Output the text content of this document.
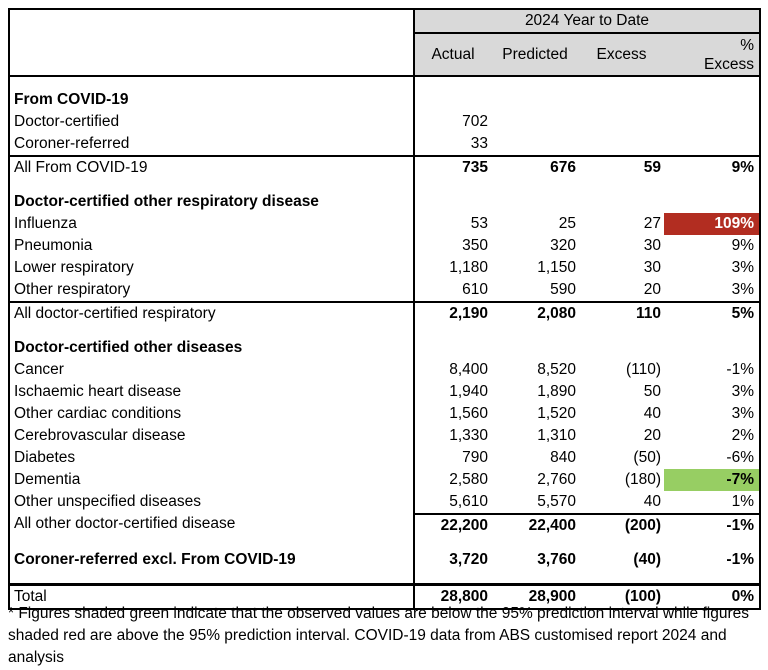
2024 Year to Date
Actual	Predicted	Excess
% Excess
From COVID-19
Doctor-certified	702
Coroner-referred	33
All From COVID-19	735	676	59	9%
Doctor-certified other respiratory disease
Influenza	53	25	27	109%
Pneumonia	350	320	30	9%
Lower respiratory	1,180	1,150	30	3%
Other respiratory	610	590	20	3%
All doctor-certified respiratory	2,190	2,080	110	5%
Doctor-certified other diseases
Cancer	8,400	8,520	(110)	-1%
Ischaemic heart disease	1,940	1,890	50	3%
Other cardiac conditions	1,560	1,520	40	3%
Cerebrovascular disease	1,330	1,310	20	2%
Diabetes	790	840	(50)	-6%
Dementia	2,580	2,760	(180)	-7%
Other unspecified diseases	5,610	5,570	40	1%
All other doctor-certified disease	22,200	22,400	(200)	-1%
Coroner-referred excl. From COVID-19	3,720	3,760	(40)	-1%
Total	28,800	28,900	(100)	0%
* Figures shaded green indicate that the observed values are below the 95% prediction interval while figures shaded red are above the 95% prediction interval. COVID-19 data from ABS customised report 2024 and analysis
